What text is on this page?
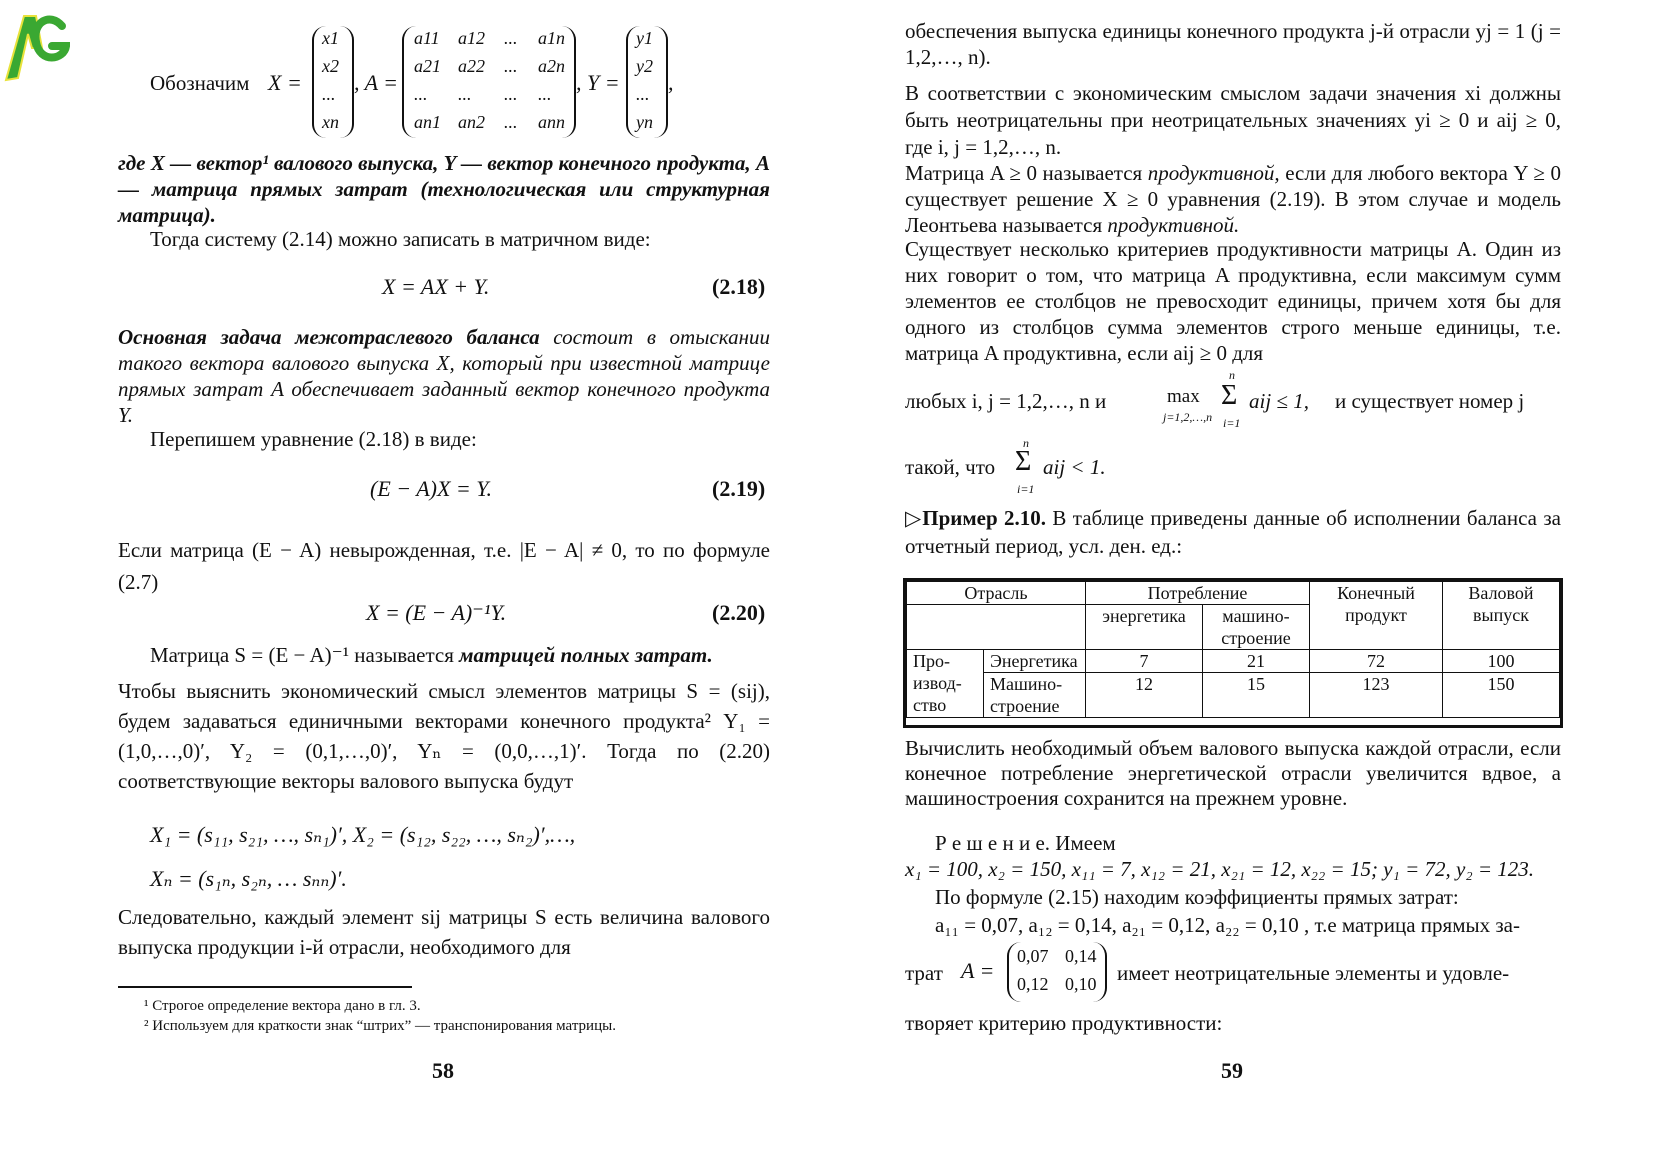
Обозначим X =
x1
x2
...
xn
, A =
a11 a12 ... a1n
a21 a22 ... a2n
... ... ... ...
an1 an2 ... ann
, Y =
y1
y2
...
yn
,
где X — вектор¹ валового выпуска, Y — вектор конечного продукта, A — матрица прямых затрат (технологическая или структурная матрица).
Тогда систему (2.14) можно записать в матричном виде:
X = AX + Y.	(2.18)
Основная задача межотраслевого баланса состоит в отыскании такого вектора валового выпуска X, который при известной матрице прямых затрат A обеспечивает заданный вектор конечного продукта Y.
Перепишем уравнение (2.18) в виде:
(E − A)X = Y.	(2.19)
Если матрица (E − A) невырожденная, т.е. |E − A| ≠ 0, то по формуле (2.7)
X = (E − A)⁻¹Y.	(2.20)
Матрица S = (E − A)⁻¹ называется матрицей полных затрат.
Чтобы выяснить экономический смысл элементов матрицы S = (sij), будем задаваться единичными векторами конечного продукта² Y₁ = (1,0,…,0)′, Y₂ = (0,1,…,0)′, Yₙ = (0,0,…,1)′. Тогда по (2.20) соответствующие векторы валового выпуска будут
X₁ = (s₁₁, s₂₁, …, sₙ₁)′, X₂ = (s₁₂, s₂₂, …, sₙ₂)′,…,
Xₙ = (s₁ₙ, s₂ₙ, … sₙₙ)′.
Следовательно, каждый элемент sij матрицы S есть величина валового выпуска продукции i-й отрасли, необходимого для
¹ Строгое определение вектора дано в гл. 3.
² Используем для краткости знак “штрих” — транспонирования матрицы.
58
обеспечения выпуска единицы конечного продукта j-й отрасли yj = 1 (j = 1,2,…, n).
В соответствии с экономическим смыслом задачи значения xi должны быть неотрицательны при неотрицательных значениях yi ≥ 0 и aij ≥ 0, где i, j = 1,2,…, n.
Матрица A ≥ 0 называется продуктивной, если для любого вектора Y ≥ 0 существует решение X ≥ 0 уравнения (2.19). В этом случае и модель Леонтьева называется продуктивной.
Существует несколько критериев продуктивности матрицы A. Один из них говорит о том, что матрица A продуктивна, если максимум сумм элементов ее столбцов не превосходит единицы, причем хотя бы для одного из столбцов сумма элементов строго меньше единицы, т.е. матрица A продуктивна, если aij ≥ 0 для
любых i, j = 1,2,…, n и	max
j=1,2,…,n
n
Σ
i=1
aij ≤ 1, и существует номер j
такой, что
n
Σ
i=1
aij < 1.
▷Пример 2.10. В таблице приведены данные об исполнении баланса за отчетный период, усл. ден. ед.:
Отрасль		Потребление		Конечный продукт	Валовой выпуск
		энергетика	машино-строение		
Про-извод-ство	Энергетика	7	21	72	100
	Машино-строение	12	15	123	150
Вычислить необходимый объем валового выпуска каждой отрасли, если конечное потребление энергетической отрасли увеличится вдвое, а машиностроения сохранится на прежнем уровне.
Р е ш е н и е. Имеем
x₁ = 100, x₂ = 150, x₁₁ = 7, x₁₂ = 21, x₂₁ = 12, x₂₂ = 15; y₁ = 72, y₂ = 123.
По формуле (2.15) находим коэффициенты прямых затрат:
a₁₁ = 0,07, a₁₂ = 0,14, a₂₁ = 0,12, a₂₂ = 0,10 , т.е матрица прямых за-
трат A =
0,07 0,14
0,12 0,10 имеет неотрицательные элементы и удовле-
творяет критерию продуктивности:
59
